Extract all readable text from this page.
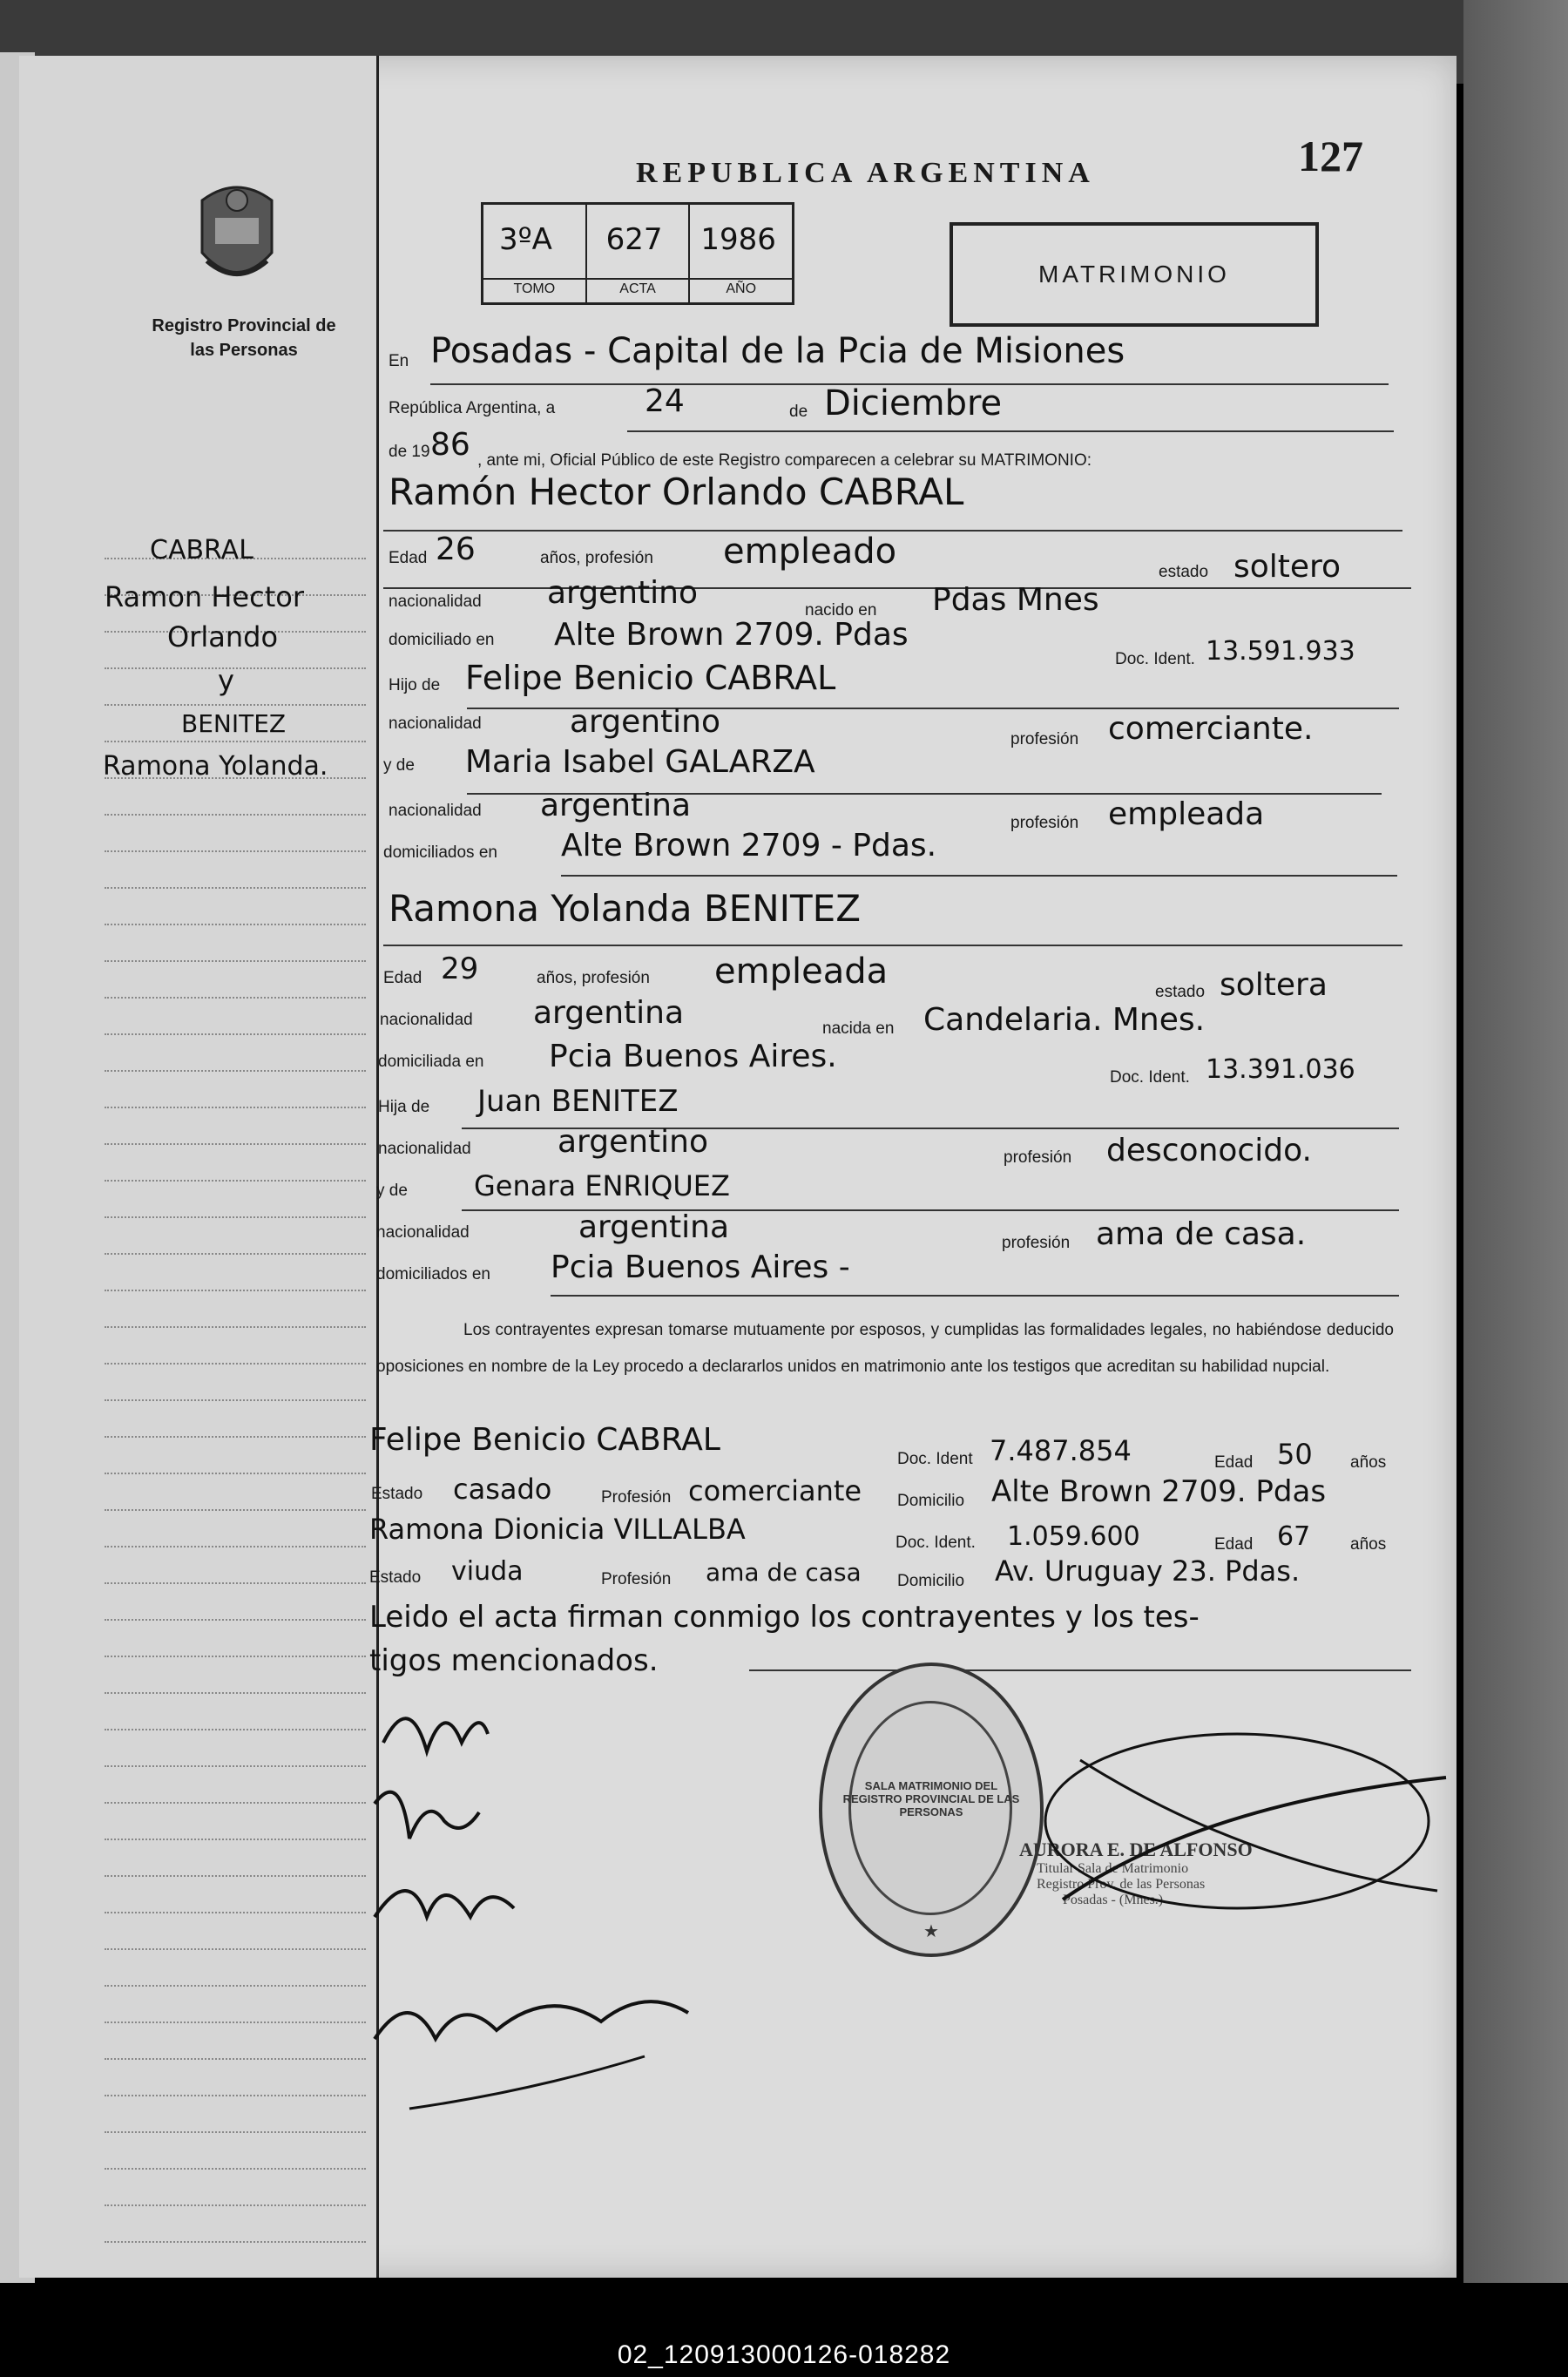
Registro Provincial de las Personas
REPUBLICA ARGENTINA	127
3ºA
TOMO
627
ACTA
1986
AÑO
MATRIMONIO
En Posadas - Capital de la Pcia de Misiones
República Argentina, a	24	de Diciembre
de 19 86 , ante mi, Oficial Público de este Registro comparecen a celebrar su MATRIMONIO:
Ramón Hector Orlando CABRAL
Edad 26	años, profesión empleado
estado soltero
nacionalidad argentino	nacido en Pdas Mnes
domiciliado en Alte Brown 2709. Pdas
Doc. Ident. 13.591.933
Hijo de Felipe Benicio CABRAL
nacionalidad	argentino	profesión comerciante.
y de Maria Isabel GALARZA
nacionalidad argentina	profesión empleada
domiciliados en Alte Brown 2709 - Pdas.
Ramona Yolanda BENITEZ
Edad 29	años, profesión empleada
estado soltera
nacionalidad argentina	nacida en Candelaria. Mnes.
domiciliada en Pcia Buenos Aires.
Doc. Ident. 13.391.036
Hija de Juan BENITEZ
nacionalidad	argentino	profesión desconocido.
y de Genara ENRIQUEZ
nacionalidad	argentina	profesión ama de casa.
domiciliados en Pcia Buenos Aires -
Los contrayentes expresan tomarse mutuamente por esposos, y cumplidas las formalidades legales, no habiéndose deducido oposiciones en nombre de la Ley procedo a declararlos unidos en matrimonio ante los testigos que acreditan su habilidad nupcial.
Felipe Benicio CABRAL
Doc. Ident 7.487.854	Edad 50 años
Estado casado	Profesión comerciante Domicilio Alte Brown 2709. Pdas
Ramona Dionicia VILLALBA	Doc. Ident. 1.059.600	Edad 67 años
Estado viuda	Profesión ama de casa Domicilio Av. Uruguay 23. Pdas.
Leido el acta firman conmigo los contrayentes y los tes-
tigos mencionados.
SALA MATRIMONIO DEL REGISTRO PROVINCIAL DE LAS PERSONAS
★
AURORA E. DE ALFONSO
Titular Sala de Matrimonio
Registro Prov. de las Personas
Posadas - (Mnes.)
CABRAL
Ramon Hector
Orlando
y
BENITEZ
Ramona Yolanda.
02_120913000126-018282
